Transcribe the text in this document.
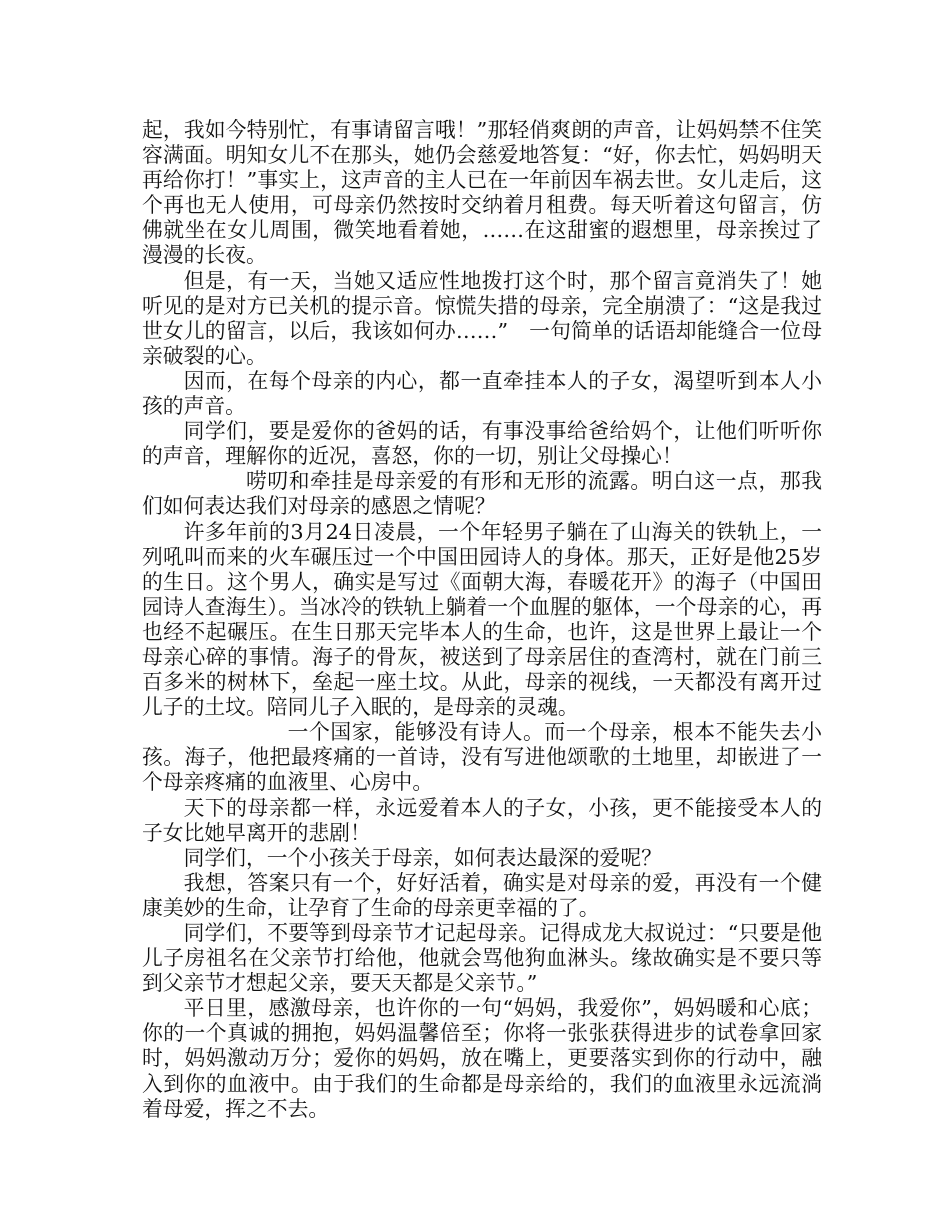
起，我如今特别忙，有事请留言哦！”那轻俏爽朗的声音，让妈妈禁不住笑容满面。明知女儿不在那头，她仍会慈爱地答复：“好，你去忙，妈妈明天再给你打！”事实上，这声音的主人已在一年前因车祸去世。女儿走后，这个再也无人使用，可母亲仍然按时交纳着月租费。每天听着这句留言，仿佛就坐在女儿周围，微笑地看着她，……在这甜蜜的遐想里，母亲挨过了漫漫的长夜。

但是，有一天，当她又适应性地拨打这个时，那个留言竟消失了！她听见的是对方已关机的提示音。惊慌失措的母亲，完全崩溃了：“这是我过世女儿的留言，以后，我该如何办……”　一句简单的话语却能缝合一位母亲破裂的心。

因而，在每个母亲的内心，都一直牵挂本人的子女，渴望听到本人小孩的声音。

同学们，要是爱你的爸妈的话，有事没事给爸给妈个，让他们听听你的声音，理解你的近况，喜怒，你的一切，别让父母操心！

唠叨和牵挂是母亲爱的有形和无形的流露。明白这一点，那我们如何表达我们对母亲的感恩之情呢？

许多年前的3月24日凌晨，一个年轻男子躺在了山海关的铁轨上，一列吼叫而来的火车碾压过一个中国田园诗人的身体。那天，正好是他25岁的生日。这个男人，确实是写过《面朝大海，春暖花开》的海子（中国田园诗人查海生）。当冰冷的铁轨上躺着一个血腥的躯体，一个母亲的心，再也经不起碾压。在生日那天完毕本人的生命，也许，这是世界上最让一个母亲心碎的事情。海子的骨灰，被送到了母亲居住的查湾村，就在门前三百多米的树林下，垒起一座土坟。从此，母亲的视线，一天都没有离开过儿子的土坟。陪同儿子入眠的，是母亲的灵魂。

一个国家，能够没有诗人。而一个母亲，根本不能失去小孩。海子，他把最疼痛的一首诗，没有写进他颂歌的土地里，却嵌进了一个母亲疼痛的血液里、心房中。

天下的母亲都一样，永远爱着本人的子女，小孩，更不能接受本人的子女比她早离开的悲剧！

同学们，一个小孩关于母亲，如何表达最深的爱呢？

我想，答案只有一个，好好活着，确实是对母亲的爱，再没有一个健康美妙的生命，让孕育了生命的母亲更幸福的了。

同学们，不要等到母亲节才记起母亲。记得成龙大叔说过：“只要是他儿子房祖名在父亲节打给他，他就会骂他狗血淋头。缘故确实是不要只等到父亲节才想起父亲，要天天都是父亲节。”

平日里，感激母亲，也许你的一句“妈妈，我爱你”，妈妈暖和心底；你的一个真诚的拥抱，妈妈温馨倍至；你将一张张获得进步的试卷拿回家时，妈妈激动万分；爱你的妈妈，放在嘴上，更要落实到你的行动中，融入到你的血液中。由于我们的生命都是母亲给的，我们的血液里永远流淌着母爱，挥之不去。
